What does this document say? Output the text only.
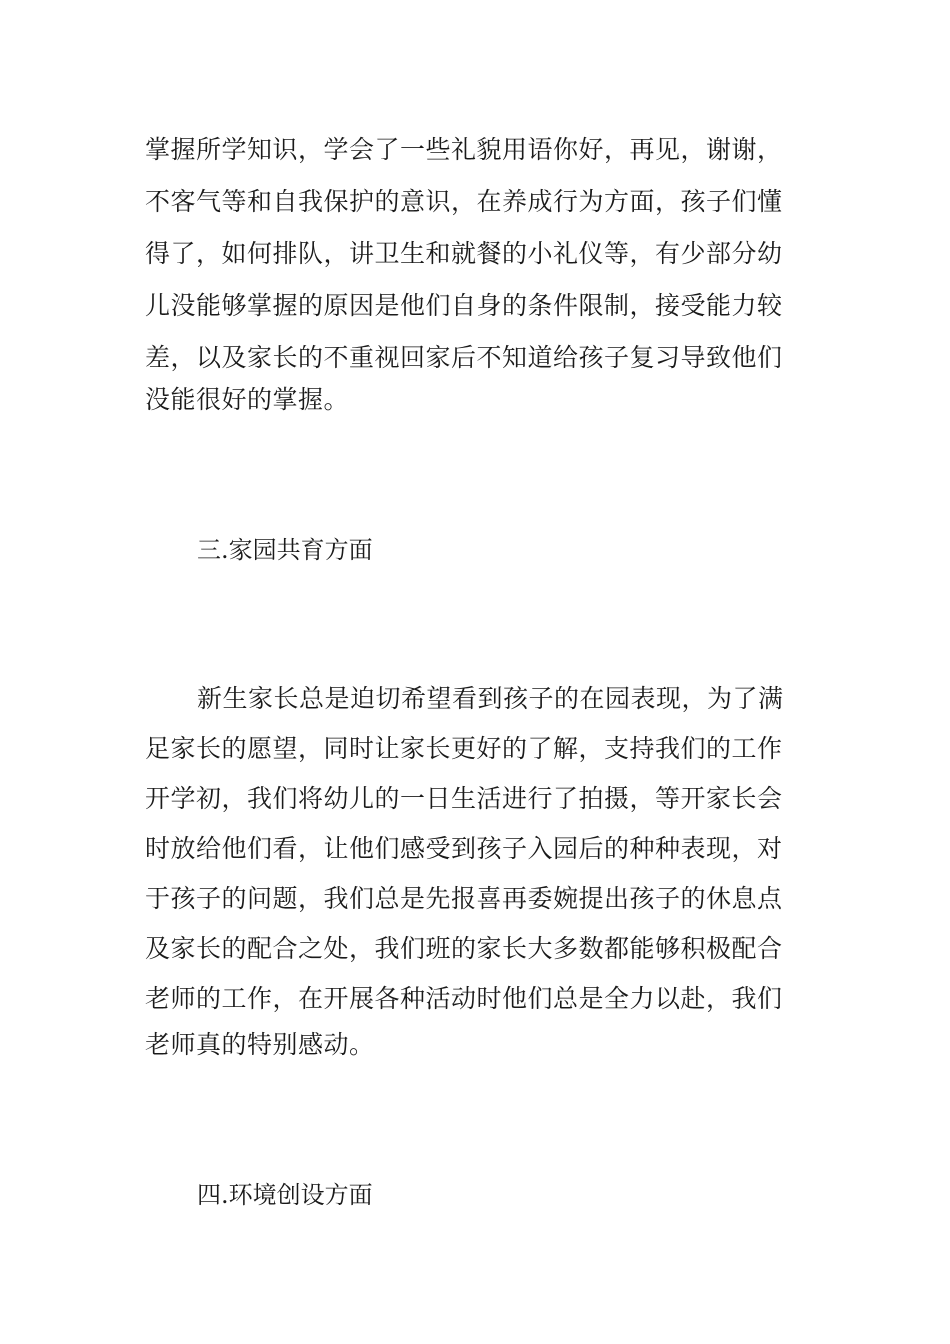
掌握所学知识，学会了一些礼貌用语你好，再见，谢谢，
不客气等和自我保护的意识，在养成行为方面，孩子们懂
得了，如何排队，讲卫生和就餐的小礼仪等，有少部分幼
儿没能够掌握的原因是他们自身的条件限制，接受能力较
差，以及家长的不重视回家后不知道给孩子复习导致他们
没能很好的掌握。
三.家园共育方面
新生家长总是迫切希望看到孩子的在园表现，为了满
足家长的愿望，同时让家长更好的了解，支持我们的工作
开学初，我们将幼儿的一日生活进行了拍摄，等开家长会
时放给他们看，让他们感受到孩子入园后的种种表现，对
于孩子的问题，我们总是先报喜再委婉提出孩子的休息点
及家长的配合之处，我们班的家长大多数都能够积极配合
老师的工作，在开展各种活动时他们总是全力以赴，我们
老师真的特别感动。
四.环境创设方面
